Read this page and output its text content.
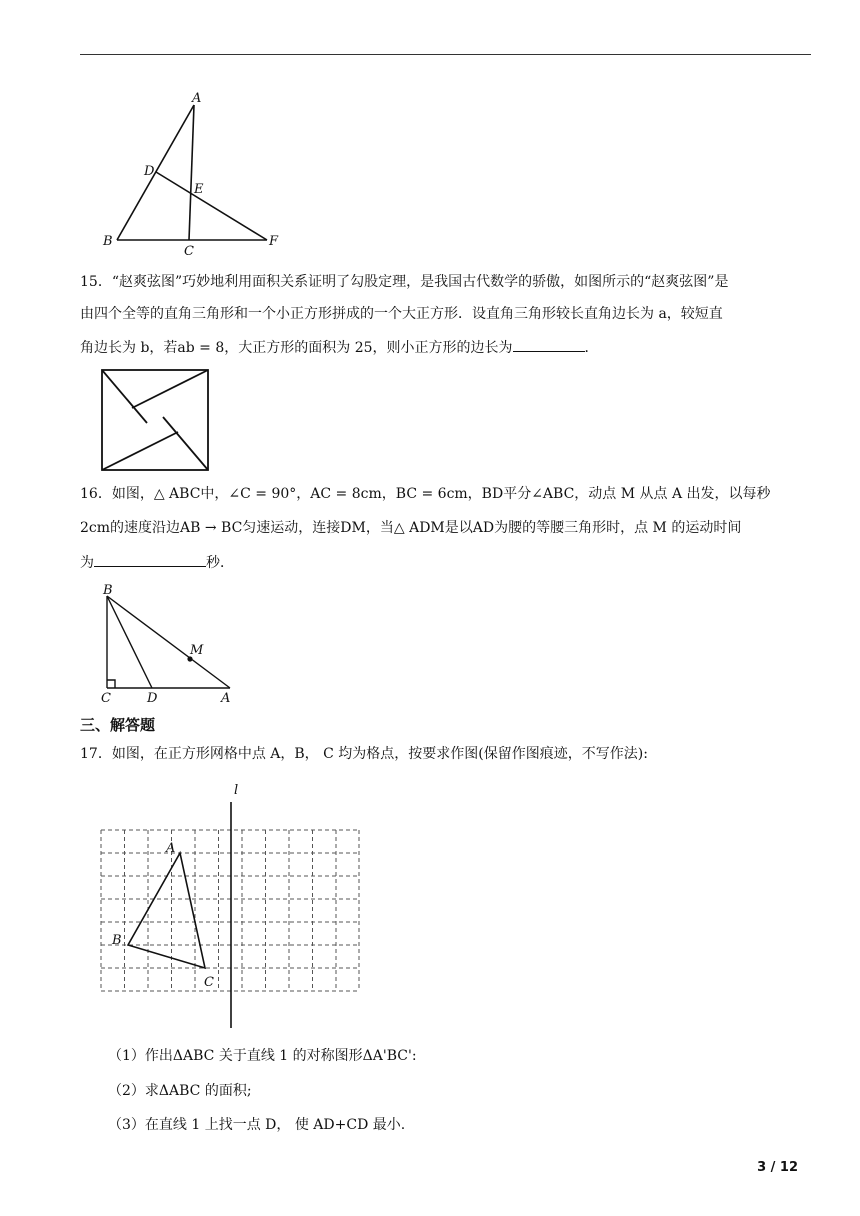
A
D
E
B
C
F
15．“赵爽弦图”巧妙地利用面积关系证明了勾股定理，是我国古代数学的骄傲，如图所示的“赵爽弦图”是
由四个全等的直角三角形和一个小正方形拼成的一个大正方形．设直角三角形较长直角边长为 a，较短直
角边长为 b，若ab = 8，大正方形的面积为 25，则小正方形的边长为	．
16．如图，△ ABC中，∠C = 90°，AC = 8cm，BC = 6cm，BD平分∠ABC，动点 M 从点 A 出发，以每秒
2cm的速度沿边AB → BC匀速运动，连接DM，当△ ADM是以AD为腰的等腰三角形时，点 M 的运动时间
为	秒．
B
M
C	D	A
三、解答题
17．如图，在正方形网格中点 A，B， C 均为格点，按要求作图(保留作图痕迹，不写作法):
l
A
B
C
（1）作出ΔABC 关于直线 1 的对称图形ΔA'BC':
（2）求ΔABC 的面积;
（3）在直线 1 上找一点 D， 使 AD+CD 最小.
3 / 12
